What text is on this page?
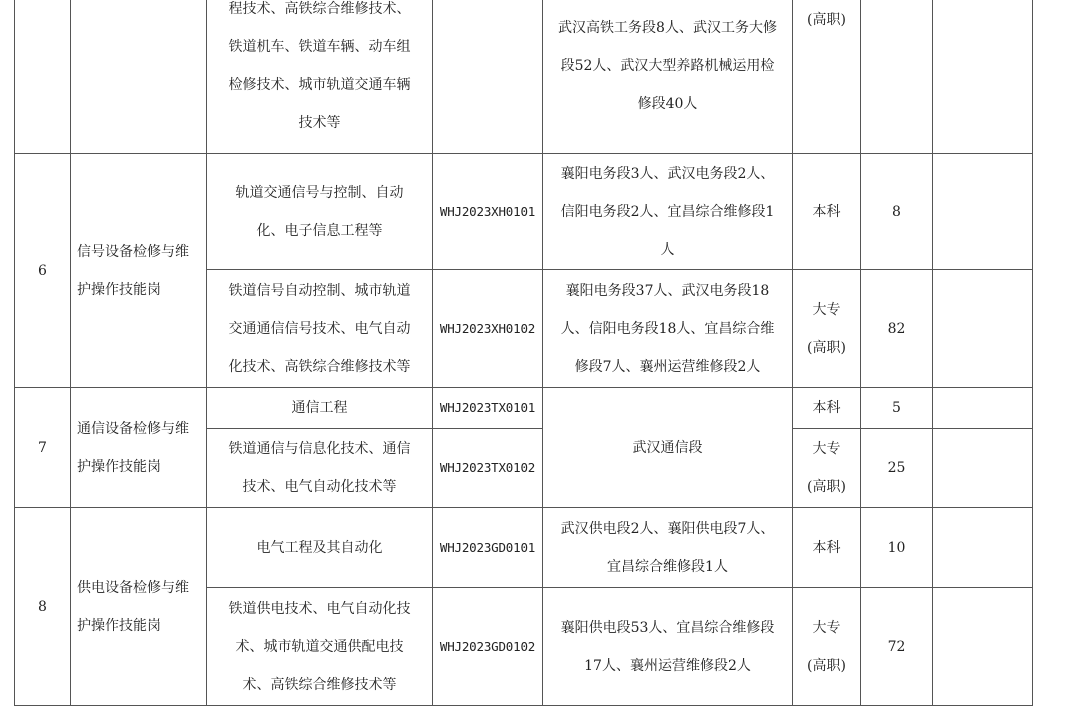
		程技术、高铁综合维修技术、
铁道机车、铁道车辆、动车组
检修技术、城市轨道交通车辆
技术等		武汉高铁工务段8人、武汉工务大修
段52人、武汉大型养路机械运用检
修段40人	(高职)

6	信号设备检修与维
护操作技能岗	轨道交通信号与控制、自动
化、电子信息工程等	WHJ2023XH0101	襄阳电务段3人、武汉电务段2人、
信阳电务段2人、宜昌综合维修段1
人	本科	8	

		铁道信号自动控制、城市轨道
交通通信信号技术、电气自动
化技术、高铁综合维修技术等	WHJ2023XH0102	襄阳电务段37人、武汉电务段18
人、信阳电务段18人、宜昌综合维
修段7人、襄州运营维修段2人	大专
(高职)	82	
7	通信设备检修与维
护操作技能岗	通信工程	WHJ2023TX0101	武汉通信段	本科	5	

		铁道通信与信息化技术、通信
技术、电气自动化技术等	WHJ2023TX0102		大专
(高职)	25	
8	供电设备检修与维
护操作技能岗	电气工程及其自动化	WHJ2023GD0101	武汉供电段2人、襄阳供电段7人、
宜昌综合维修段1人	本科	10	

		铁道供电技术、电气自动化技
术、城市轨道交通供配电技
术、高铁综合维修技术等	WHJ2023GD0102	襄阳供电段53人、宜昌综合维修段
17人、襄州运营维修段2人	大专
(高职)	72	
